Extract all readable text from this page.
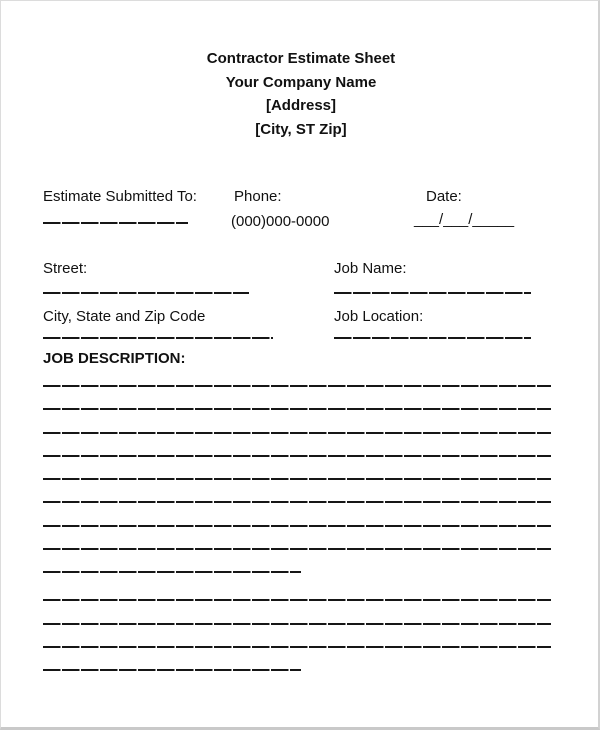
Contractor Estimate Sheet
Your Company Name
[Address]
[City, ST Zip]
Estimate Submitted To: Phone:
(000)000-0000
Date:
___/___/_____
Street:	Job Name:
City, State and Zip Code	Job Location:
JOB DESCRIPTION:
